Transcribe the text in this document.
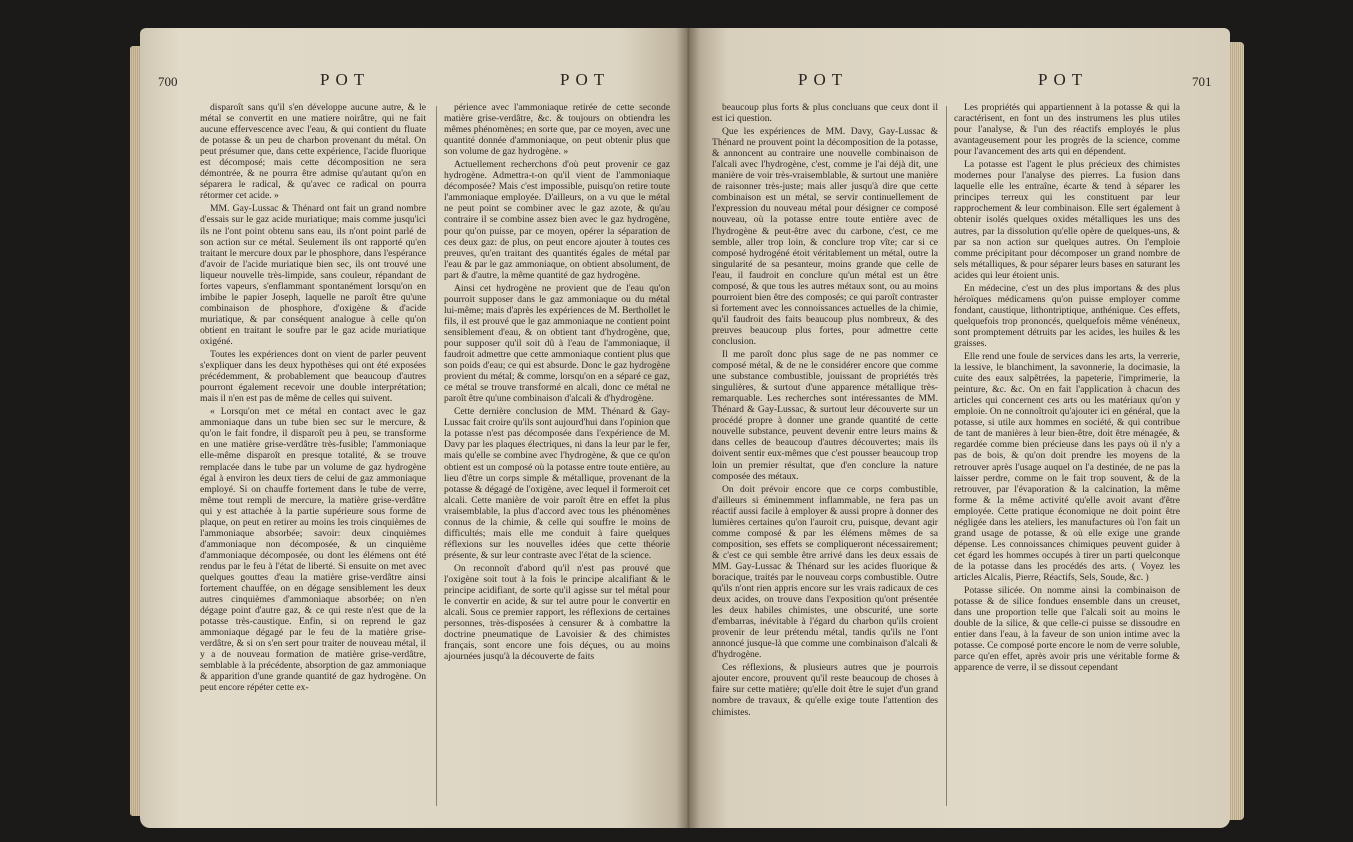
700	POT	POT

disparoît sans qu'il s'en développe aucune autre, & le métal se convertit en une matiere noirâtre, qui ne fait aucune effervescence avec l'eau, & qui contient du fluate de potasse & un peu de charbon provenant du métal. On peut présumer que, dans cette expérience, l'acide fluorique est décomposé; mais cette décomposition ne sera démontrée, & ne pourra être admise qu'autant qu'on en séparera le radical, & qu'avec ce radical on pourra rétormer cet acide. »

MM. Gay-Lussac & Thénard ont fait un grand nombre d'essais sur le gaz acide muriatique; mais comme jusqu'ici ils ne l'ont point obtenu sans eau, ils n'ont point parlé de son action sur ce métal. Seulement ils ont rapporté qu'en traitant le mercure doux par le phosphore, dans l'espérance d'avoir de l'acide muriatique bien sec, ils ont trouvé une liqueur nouvelle très-limpide, sans couleur, répandant de fortes vapeurs, s'enflammant spontanément lorsqu'on en imbibe le papier Joseph, laquelle ne paroît être qu'une combinaison de phosphore, d'oxigène & d'acide muriatique, & par conséquent analogue à celle qu'on obtient en traitant le soufre par le gaz acide muriatique oxigéné.

Toutes les expériences dont on vient de parler peuvent s'expliquer dans les deux hypothèses qui ont été exposées précédemment, & probablement que beaucoup d'autres pourront également recevoir une double interprétation; mais il n'en est pas de même de celles qui suivent.

« Lorsqu'on met ce métal en contact avec le gaz ammoniaque dans un tube bien sec sur le mercure, & qu'on le fait fondre, il disparoît peu à peu, se transforme en une matière grise-verdâtre très-fusible; l'ammoniaque elle-même disparoît en presque totalité, & se trouve remplacée dans le tube par un volume de gaz hydrogène égal à environ les deux tiers de celui de gaz ammoniaque employé. Si on chauffe fortement dans le tube de verre, même tout rempli de mercure, la matière grise-verdâtre qui y est attachée à la partie supérieure sous forme de plaque, on peut en retirer au moins les trois cinquièmes de l'ammoniaque absorbée; savoir: deux cinquièmes d'ammoniaque non décomposée, & un cinquième d'ammoniaque décomposée, ou dont les élémens ont été rendus par le feu à l'état de liberté. Si ensuite on met avec quelques gouttes d'eau la matière grise-verdâtre ainsi fortement chauffée, on en dégage sensiblement les deux autres cinquièmes d'ammoniaque absorbée; on n'en dégage point d'autre gaz, & ce qui reste n'est que de la potasse très-caustique. Enfin, si on reprend le gaz ammoniaque dégagé par le feu de la matière grise-verdâtre, & si on s'en sert pour traiter de nouveau métal, il y a de nouveau formation de matière grise-verdâtre, semblable à la précédente, absorption de gaz ammoniaque & apparition d'une grande quantité de gaz hydrogène. On peut encore répéter cette ex-

périence avec l'ammoniaque retirée de cette seconde matière grise-verdâtre, &c. & toujours on obtiendra les mêmes phénomènes; en sorte que, par ce moyen, avec une quantité donnée d'ammoniaque, on peut obtenir plus que son volume de gaz hydrogène. »

Actuellement recherchons d'où peut provenir ce gaz hydrogène. Admettra-t-on qu'il vient de l'ammoniaque décomposée? Mais c'est impossible, puisqu'on retire toute l'ammoniaque employée. D'ailleurs, on a vu que le métal ne peut point se combiner avec le gaz azote, & qu'au contraire il se combine assez bien avec le gaz hydrogène, pour qu'on puisse, par ce moyen, opérer la séparation de ces deux gaz: de plus, on peut encore ajouter à toutes ces preuves, qu'en traitant des quantités égales de métal par l'eau & par le gaz ammoniaque, on obtient absolument, de part & d'autre, la même quantité de gaz hydrogène.

Ainsi cet hydrogène ne provient que de l'eau qu'on pourroit supposer dans le gaz ammoniaque ou du métal lui-même; mais d'après les expériences de M. Berthollet le fils, il est prouvé que le gaz ammoniaque ne contient point sensiblement d'eau, & on obtient tant d'hydrogène, que, pour supposer qu'il soit dû à l'eau de l'ammoniaque, il faudroit admettre que cette ammoniaque contient plus que son poids d'eau; ce qui est absurde. Donc le gaz hydrogène provient du métal; & comme, lorsqu'on en a séparé ce gaz, ce métal se trouve transformé en alcali, donc ce métal ne paroît être qu'une combinaison d'alcali & d'hydrogène.

Cette dernière conclusion de MM. Thénard & Gay-Lussac fait croire qu'ils sont aujourd'hui dans l'opinion que la potasse n'est pas décomposée dans l'expérience de M. Davy par les plaques électriques, ni dans la leur par le fer, mais qu'elle se combine avec l'hydrogène, & que ce qu'on obtient est un composé où la potasse entre toute entière, au lieu d'être un corps simple & métallique, provenant de la potasse & dégagé de l'oxigène, avec lequel il formeroit cet alcali. Cette manière de voir paroît être en effet la plus vraisemblable, la plus d'accord avec tous les phénomènes connus de la chimie, & celle qui souffre le moins de difficultés; mais elle me conduit à faire quelques réflexions sur les nouvelles idées que cette théorie présente, & sur leur contraste avec l'état de la science.

On reconnoît d'abord qu'il n'est pas prouvé que l'oxigène soit tout à la fois le principe alcalifiant & le principe acidifiant, de sorte qu'il agisse sur tel métal pour le convertir en acide, & sur tel autre pour le convertir en alcali. Sous ce premier rapport, les réflexions de certaines personnes, très-disposées à censurer & à combattre la doctrine pneumatique de Lavoisier & des chimistes français, sont encore une fois déçues, ou au moins ajournées jusqu'à la découverte de faits

POT	POT	701

beaucoup plus forts & plus concluans que ceux dont il est ici question.

Que les expériences de MM. Davy, Gay-Lussac & Thénard ne prouvent point la décomposition de la potasse, & annoncent au contraire une nouvelle combinaison de l'alcali avec l'hydrogène, c'est, comme je l'ai déjà dit, une manière de voir très-vraisemblable, & surtout une manière de raisonner très-juste; mais aller jusqu'à dire que cette combinaison est un métal, se servir continuellement de l'expression du nouveau métal pour désigner ce composé nouveau, où la potasse entre toute entière avec de l'hydrogène & peut-être avec du carbone, c'est, ce me semble, aller trop loin, & conclure trop vîte; car si ce composé hydrogéné étoit véritablement un métal, outre la singularité de sa pesanteur, moins grande que celle de l'eau, il faudroit en conclure qu'un métal est un être composé, & que tous les autres métaux sont, ou au moins pourroient bien être des composés; ce qui paroît contraster si fortement avec les connoissances actuelles de la chimie, qu'il faudroit des faits beaucoup plus nombreux, & des preuves beaucoup plus fortes, pour admettre cette conclusion.

Il me paroît donc plus sage de ne pas nommer ce composé métal, & de ne le considérer encore que comme une substance combustible, jouissant de propriétés très singulières, & surtout d'une apparence métallique très-remarquable. Les recherches sont intéressantes de MM. Thénard & Gay-Lussac, & surtout leur découverte sur un procédé propre à donner une grande quantité de cette nouvelle substance, peuvent devenir entre leurs mains & dans celles de beaucoup d'autres découvertes; mais ils doivent sentir eux-mêmes que c'est pousser beaucoup trop loin un premier résultat, que d'en conclure la nature composée des métaux.

On doit prévoir encore que ce corps combustible, d'ailleurs si éminemment inflammable, ne fera pas un réactif aussi facile à employer & aussi propre à donner des lumières certaines qu'on l'auroit cru, puisque, devant agir comme composé & par les élémens mêmes de sa composition, ses effets se compliqueront nécessairement; & c'est ce qui semble être arrivé dans les deux essais de MM. Gay-Lussac & Thénard sur les acides fluorique & boracique, traités par le nouveau corps combustible. Outre qu'ils n'ont rien appris encore sur les vrais radicaux de ces deux acides, on trouve dans l'exposition qu'ont présentée les deux habiles chimistes, une obscurité, une sorte d'embarras, inévitable à l'égard du charbon qu'ils croient provenir de leur prétendu métal, tandis qu'ils ne l'ont annoncé jusque-là que comme une combinaison d'alcali & d'hydrogène.

Ces réflexions, & plusieurs autres que je pourrois ajouter encore, prouvent qu'il reste beaucoup de choses à faire sur cette matière; qu'elle doit être le sujet d'un grand nombre de travaux, & qu'elle exige toute l'attention des chimistes.

Les propriétés qui appartiennent à la potasse & qui la caractérisent, en font un des instrumens les plus utiles pour l'analyse, & l'un des réactifs employés le plus avantageusement pour les progrès de la science, comme pour l'avancement des arts qui en dépendent.

La potasse est l'agent le plus précieux des chimistes modernes pour l'analyse des pierres. La fusion dans laquelle elle les entraîne, écarte & tend à séparer les principes terreux qui les constituent par leur rapprochement & leur combinaison. Elle sert également à obtenir isolés quelques oxides métalliques les uns des autres, par la dissolution qu'elle opère de quelques-uns, & par sa non action sur quelques autres. On l'emploie comme précipitant pour décomposer un grand nombre de sels métalliques, & pour séparer leurs bases en saturant les acides qui leur étoient unis.

En médecine, c'est un des plus importans & des plus héroïques médicamens qu'on puisse employer comme fondant, caustique, lithontriptique, anthénique. Ces effets, quelquefois trop prononcés, quelquefois même vénéneux, sont promptement détruits par les acides, les huiles & les graisses.

Elle rend une foule de services dans les arts, la verrerie, la lessive, le blanchiment, la savonnerie, la docimasie, la cuite des eaux salpêtrées, la papeterie, l'imprimerie, la peinture, &c. &c. On en fait l'application à chacun des articles qui concernent ces arts ou les matériaux qu'on y emploie. On ne connoîtroit qu'ajouter ici en général, que la potasse, si utile aux hommes en société, & qui contribue de tant de manières à leur bien-être, doit être ménagée, & regardée comme bien précieuse dans les pays où il n'y a pas de bois, & qu'on doit prendre les moyens de la retrouver après l'usage auquel on l'a destinée, de ne pas la laisser perdre, comme on le fait trop souvent, & de la retrouver, par l'évaporation & la calcination, la même forme & la même activité qu'elle avoit avant d'être employée. Cette pratique économique ne doit point être négligée dans les ateliers, les manufactures où l'on fait un grand usage de potasse, & où elle exige une grande dépense. Les connoissances chimiques peuvent guider à cet égard les hommes occupés à tirer un parti quelconque de la potasse dans les procédés des arts. ( Voyez les articles Alcalis, Pierre, Réactifs, Sels, Soude, &c. )

Potasse silicée. On nomme ainsi la combinaison de potasse & de silice fondues ensemble dans un creuset, dans une proportion telle que l'alcali soit au moins le double de la silice, & que celle-ci puisse se dissoudre en entier dans l'eau, à la faveur de son union intime avec la potasse. Ce composé porte encore le nom de verre soluble, parce qu'en effet, après avoir pris une véritable forme & apparence de verre, il se dissout cependant
